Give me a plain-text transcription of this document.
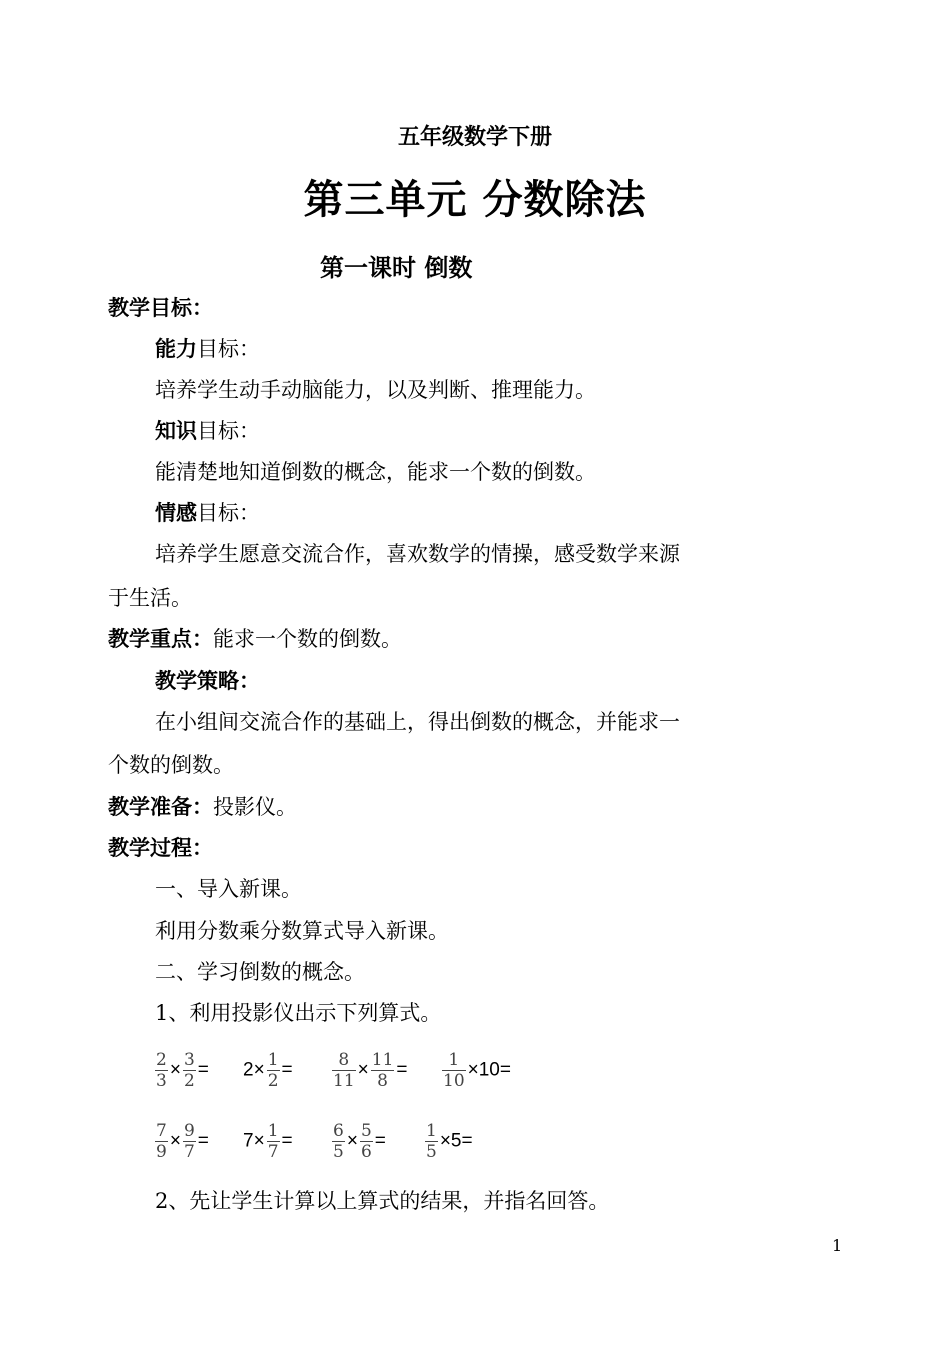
五年级数学下册
第三单元 分数除法
第一课时 倒数
教学目标：
能力目标：
培养学生动手动脑能力，以及判断、推理能力。
知识目标：
能清楚地知道倒数的概念，能求一个数的倒数。
情感目标：
培养学生愿意交流合作，喜欢数学的情操，感受数学来源
于生活。
教学重点：能求一个数的倒数。
教学策略：
在小组间交流合作的基础上，得出倒数的概念，并能求一
个数的倒数。
教学准备：投影仪。
教学过程：
一、导入新课。
利用分数乘分数算式导入新课。
二、学习倒数的概念。
1、利用投影仪出示下列算式。
$\frac{2}{3} \times \frac{3}{2} = 2\times \frac{1}{2} = \frac{8}{11} \times \frac{11}{8} = \frac{1}{10} \times 10=$
$\frac{7}{9} \times \frac{9}{7} = 7\times \frac{1}{7} = \frac{6}{5} \times \frac{5}{6} = \frac{1}{5} \times 5=$
2、先让学生计算以上算式的结果，并指名回答。
1
